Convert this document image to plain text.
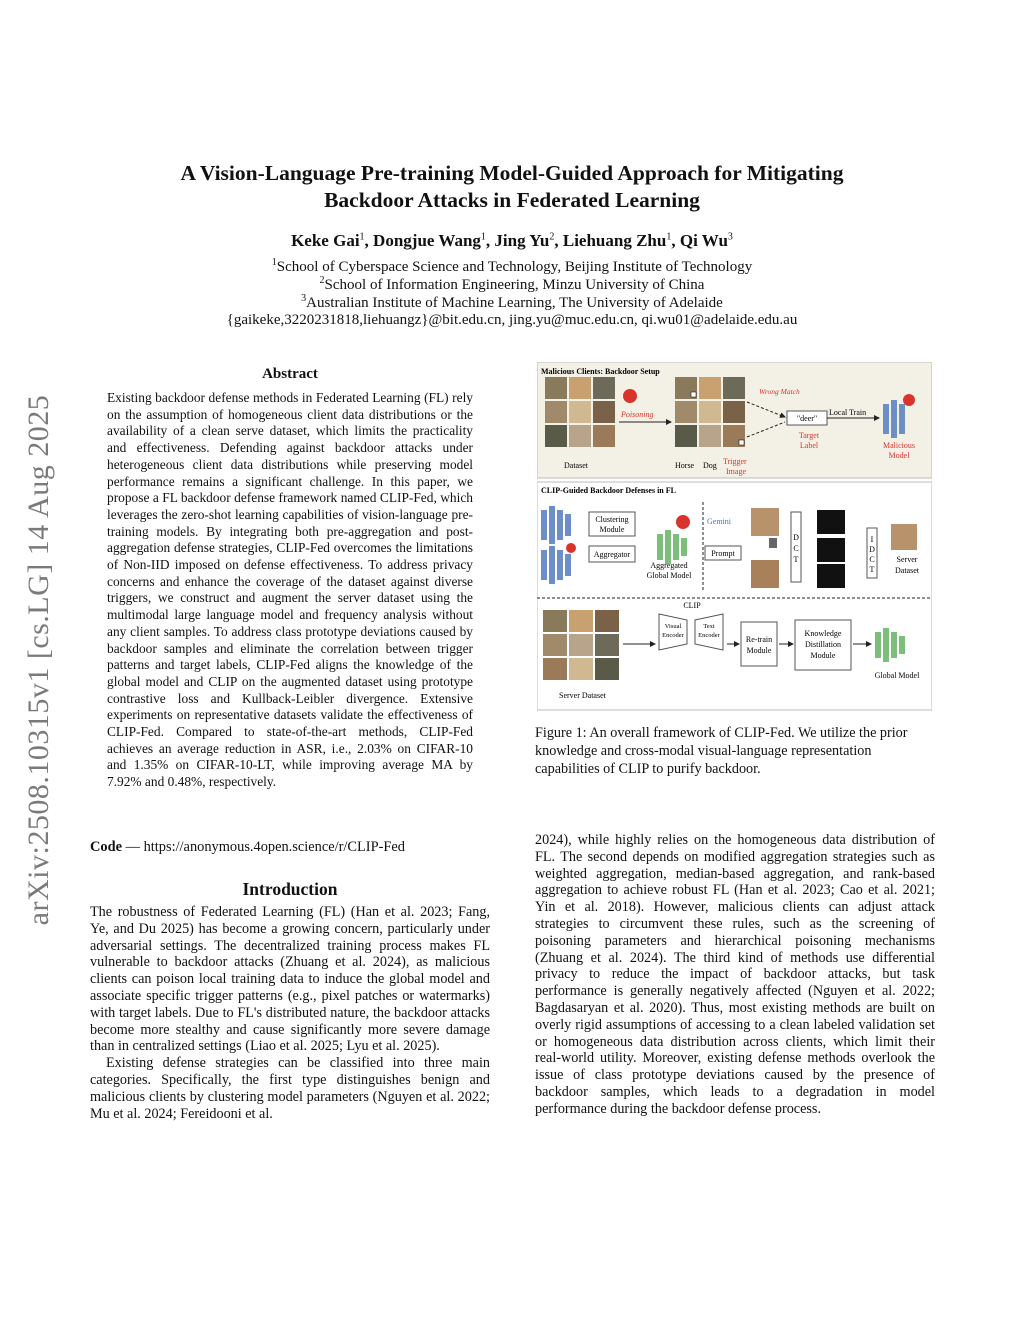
arXiv:2508.10315v1 [cs.LG] 14 Aug 2025
A Vision-Language Pre-training Model-Guided Approach for Mitigating
Backdoor Attacks in Federated Learning
Keke Gai$^1$, Dongjue Wang$^1$, Jing Yu$^2$, Liehuang Zhu$^1$, Qi Wu$^3$
$^1$School of Cyberspace Science and Technology, Beijing Institute of Technology
$^2$School of Information Engineering, Minzu University of China
$^3$Australian Institute of Machine Learning, The University of Adelaide
{gaikeke,3220231818,liehuangz}@bit.edu.cn, jing.yu@muc.edu.cn, qi.wu01@adelaide.edu.au
Abstract
Existing backdoor defense methods in Federated Learning (FL) rely on the assumption of homogeneous client data distributions or the availability of a clean serve dataset, which limits the practicality and effectiveness. Defending against backdoor attacks under heterogeneous client data distributions while preserving model performance remains a significant challenge. In this paper, we propose a FL backdoor defense framework named CLIP-Fed, which leverages the zero-shot learning capabilities of vision-language pre-training models. By integrating both pre-aggregation and post-aggregation defense strategies, CLIP-Fed overcomes the limitations of Non-IID imposed on defense effectiveness. To address privacy concerns and enhance the coverage of the dataset against diverse triggers, we construct and augment the server dataset using the multimodal large language model and frequency analysis without any client samples. To address class prototype deviations caused by backdoor samples and eliminate the correlation between trigger patterns and target labels, CLIP-Fed aligns the knowledge of the global model and CLIP on the augmented dataset using prototype contrastive loss and Kullback-Leibler divergence. Extensive experiments on representative datasets validate the effectiveness of CLIP-Fed. Compared to state-of-the-art methods, CLIP-Fed achieves an average reduction in ASR, i.e., 2.03% on CIFAR-10 and 1.35% on CIFAR-10-LT, while improving average MA by 7.92% and 0.48%, respectively.
Code — https://anonymous.4open.science/r/CLIP-Fed
Introduction

The robustness of Federated Learning (FL) (Han et al. 2023; Fang, Ye, and Du 2025) has become a growing concern, particularly under adversarial settings. The decentralized training process makes FL vulnerable to backdoor attacks (Zhuang et al. 2024), as malicious clients can poison local training data to induce the global model and associate specific trigger patterns (e.g., pixel patches or watermarks) with target labels. Due to FL's distributed nature, the backdoor attacks become more stealthy and cause significantly more severe damage than in centralized settings (Liao et al. 2025; Lyu et al. 2025).

Existing defense strategies can be classified into three main categories. Specifically, the first type distinguishes benign and malicious clients by clustering model parameters (Nguyen et al. 2022; Mu et al. 2024; Fereidooni et al.

2024), while highly relies on the homogeneous data distribution of FL. The second depends on modified aggregation strategies such as weighted aggregation, median-based aggregation, and rank-based aggregation to achieve robust FL (Han et al. 2023; Cao et al. 2021; Yin et al. 2018). However, malicious clients can adjust attack strategies to circumvent these rules, such as the screening of poisoning parameters and hierarchical poisoning mechanisms (Zhuang et al. 2024). The third kind of methods use differential privacy to reduce the impact of backdoor attacks, but task performance is generally negatively affected (Nguyen et al. 2022; Bagdasaryan et al. 2020). Thus, most existing methods are built on overly rigid assumptions of accessing to a clean labeled validation set or homogeneous data distribution across clients, which limit their real-world utility. Moreover, existing defense methods overlook the issue of class prototype deviations caused by the presence of backdoor samples, which leads to a degradation in model performance during the backdoor defense process.

Malicious Clients: Backdoor Setup
Dataset
Poisoning
Horse Dog Trigger
Image
Wrong Match
"deer"
Target
Label
Local Train
Malicious
Model
CLIP-Guided Backdoor Defenses in FL
Clustering
Module
Aggregator
Aggregated
Global Model
Gemini
Prompt
D
C
T
I
D
C
T
Server
Dataset
Server Dataset
CLIP
Visual
Encoder
Text
Encoder	Re-train
Module
Knowledge
Distillation
Module
Global Model
Figure 1: An overall framework of CLIP-Fed. We utilize the prior knowledge and cross-modal visual-language representation capabilities of CLIP to purify backdoor.
